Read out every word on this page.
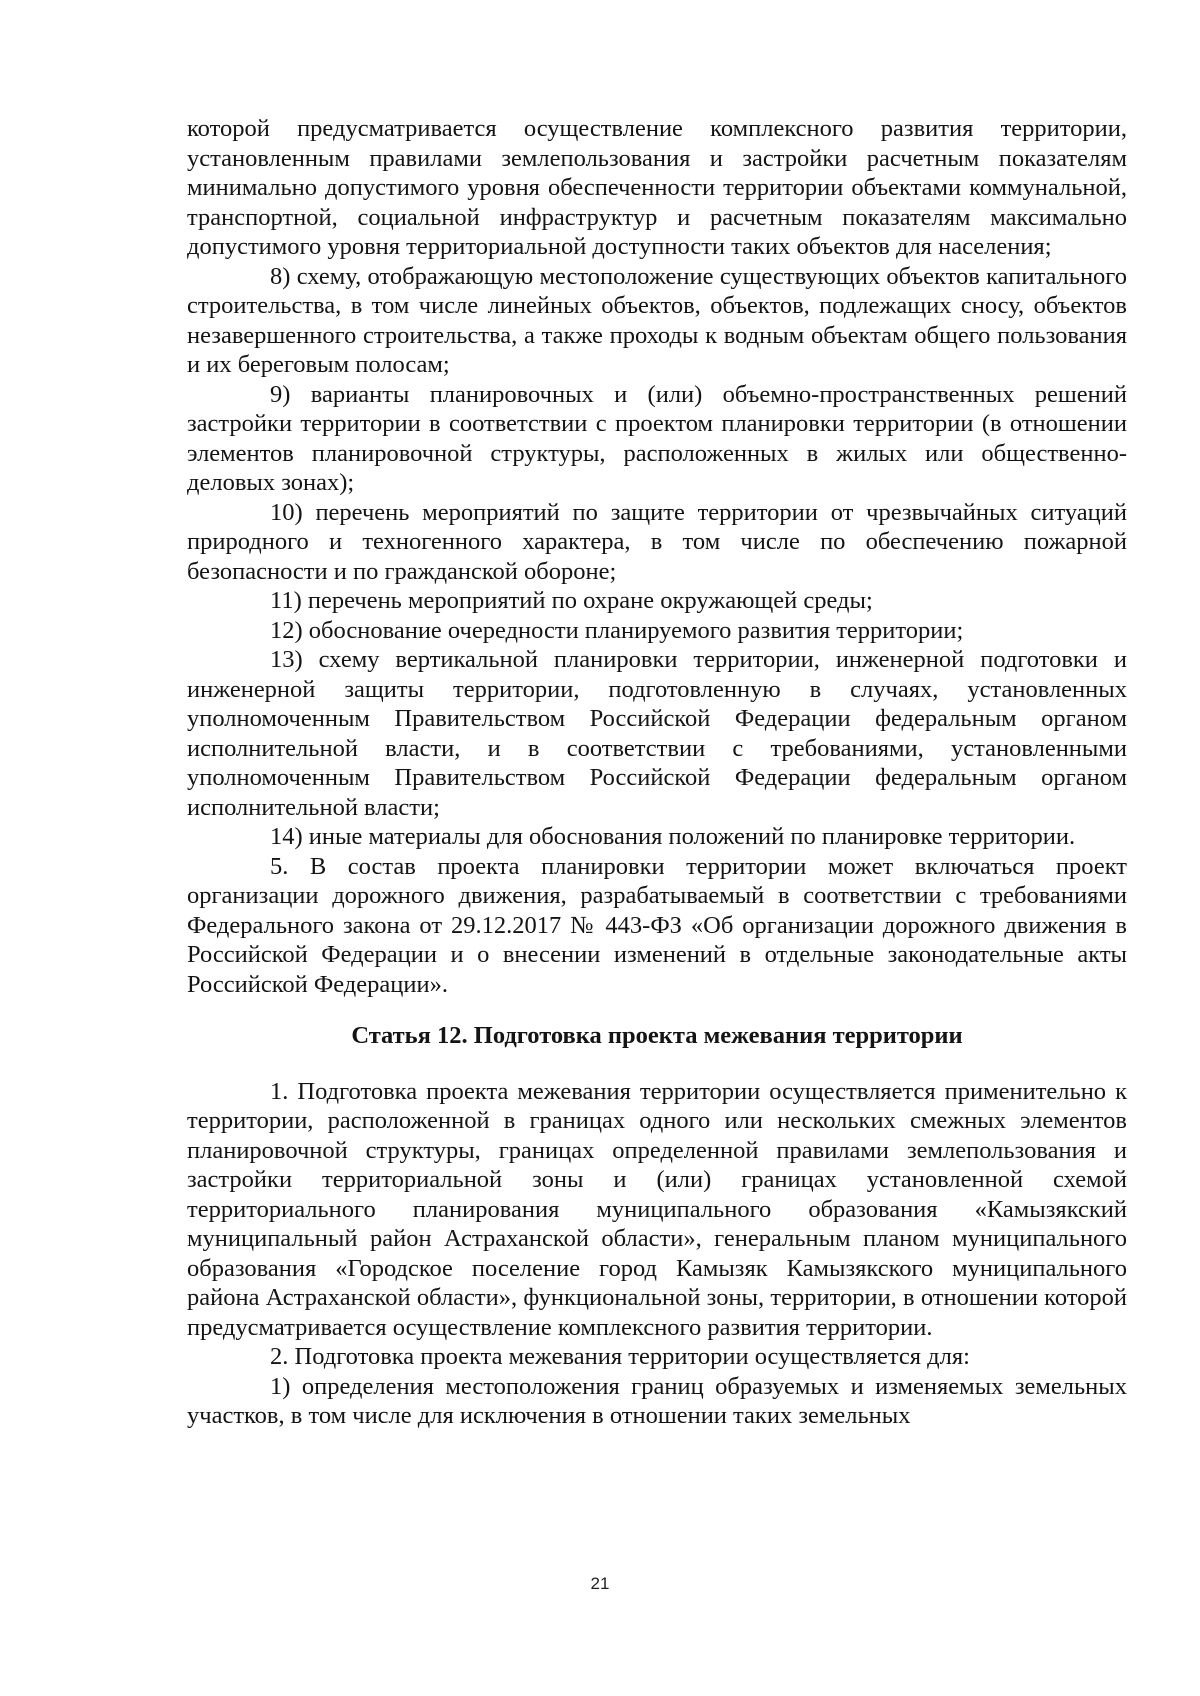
которой предусматривается осуществление комплексного развития территории, установленным правилами землепользования и застройки расчетным показателям минимально допустимого уровня обеспеченности территории объектами коммунальной, транспортной, социальной инфраструктур и расчетным показателям максимально допустимого уровня территориальной доступности таких объектов для населения;

8) схему, отображающую местоположение существующих объектов капитального строительства, в том числе линейных объектов, объектов, подлежащих сносу, объектов незавершенного строительства, а также проходы к водным объектам общего пользования и их береговым полосам;

9) варианты планировочных и (или) объемно-пространственных решений застройки территории в соответствии с проектом планировки территории (в отношении элементов планировочной структуры, расположенных в жилых или общественно-деловых зонах);

10) перечень мероприятий по защите территории от чрезвычайных ситуаций природного и техногенного характера, в том числе по обеспечению пожарной безопасности и по гражданской обороне;

11) перечень мероприятий по охране окружающей среды;

12) обоснование очередности планируемого развития территории;

13) схему вертикальной планировки территории, инженерной подготовки и инженерной защиты территории, подготовленную в случаях, установленных уполномоченным Правительством Российской Федерации федеральным органом исполнительной власти, и в соответствии с требованиями, установленными уполномоченным Правительством Российской Федерации федеральным органом исполнительной власти;

14) иные материалы для обоснования положений по планировке территории.

5. В состав проекта планировки территории может включаться проект организации дорожного движения, разрабатываемый в соответствии с требованиями Федерального закона от 29.12.2017 № 443-ФЗ «Об организации дорожного движения в Российской Федерации и о внесении изменений в отдельные законодательные акты Российской Федерации».

Статья 12. Подготовка проекта межевания территории

1. Подготовка проекта межевания территории осуществляется применительно к территории, расположенной в границах одного или нескольких смежных элементов планировочной структуры, границах определенной правилами землепользования и застройки территориальной зоны и (или) границах установленной схемой территориального планирования муниципального образования «Камызякский муниципальный район Астраханской области», генеральным планом муниципального образования «Городское поселение город Камызяк Камызякского муниципального района Астраханской области», функциональной зоны, территории, в отношении которой предусматривается осуществление комплексного развития территории.

2. Подготовка проекта межевания территории осуществляется для:

1) определения местоположения границ образуемых и изменяемых земельных участков, в том числе для исключения в отношении таких земельных

21
